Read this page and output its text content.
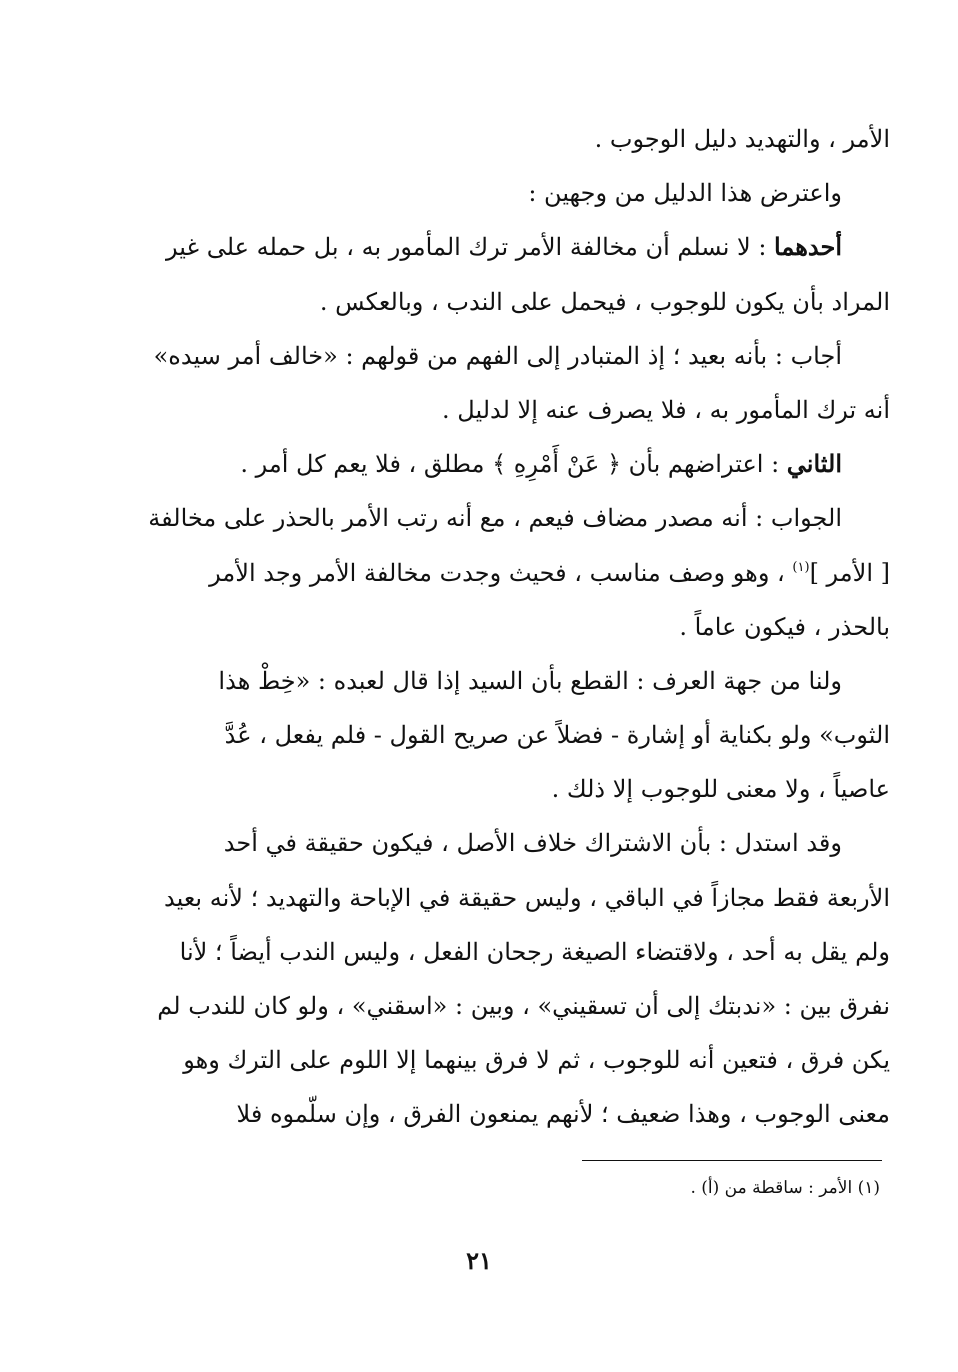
الأمر ، والتهديد دليل الوجوب .
واعترض هذا الدليل من وجهين :
أحدهما : لا نسلم أن مخالفة الأمر ترك المأمور به ، بل حمله على غير
المراد بأن يكون للوجوب ، فيحمل على الندب ، وبالعكس .
أجاب : بأنه بعيد ؛ إذ المتبادر إلى الفهم من قولهم : «خالف أمر سيده»
أنه ترك المأمور به ، فلا يصرف عنه إلا لدليل .
الثاني : اعتراضهم بأن ﴿ عَنْ أَمْرِهِ ﴾ مطلق ، فلا يعم كل أمر .
الجواب : أنه مصدر مضاف فيعم ، مع أنه رتب الأمر بالحذر على مخالفة
[ الأمر ]$^{(١)}$ ، وهو وصف مناسب ، فحيث وجدت مخالفة الأمر وجد الأمر
بالحذر ، فيكون عاماً .
ولنا من جهة العرف : القطع بأن السيد إذا قال لعبده : «خِطْ هذا
الثوب» ولو بكناية أو إشارة - فضلاً عن صريح القول - فلم يفعل ، عُدَّ
عاصياً ، ولا معنى للوجوب إلا ذلك .
وقد استدل : بأن الاشتراك خلاف الأصل ، فيكون حقيقة في أحد
الأربعة فقط مجازاً في الباقي ، وليس حقيقة في الإباحة والتهديد ؛ لأنه بعيد
ولم يقل به أحد ، ولاقتضاء الصيغة رجحان الفعل ، وليس الندب أيضاً ؛ لأنا
نفرق بين : «ندبتك إلى أن تسقيني» ، وبين : «اسقني» ، ولو كان للندب لم
يكن فرق ، فتعين أنه للوجوب ، ثم لا فرق بينهما إلا اللوم على الترك وهو
معنى الوجوب ، وهذا ضعيف ؛ لأنهم يمنعون الفرق ، وإن سلّموه فلا
(١) الأمر : ساقطة من (أ) .
٢١
